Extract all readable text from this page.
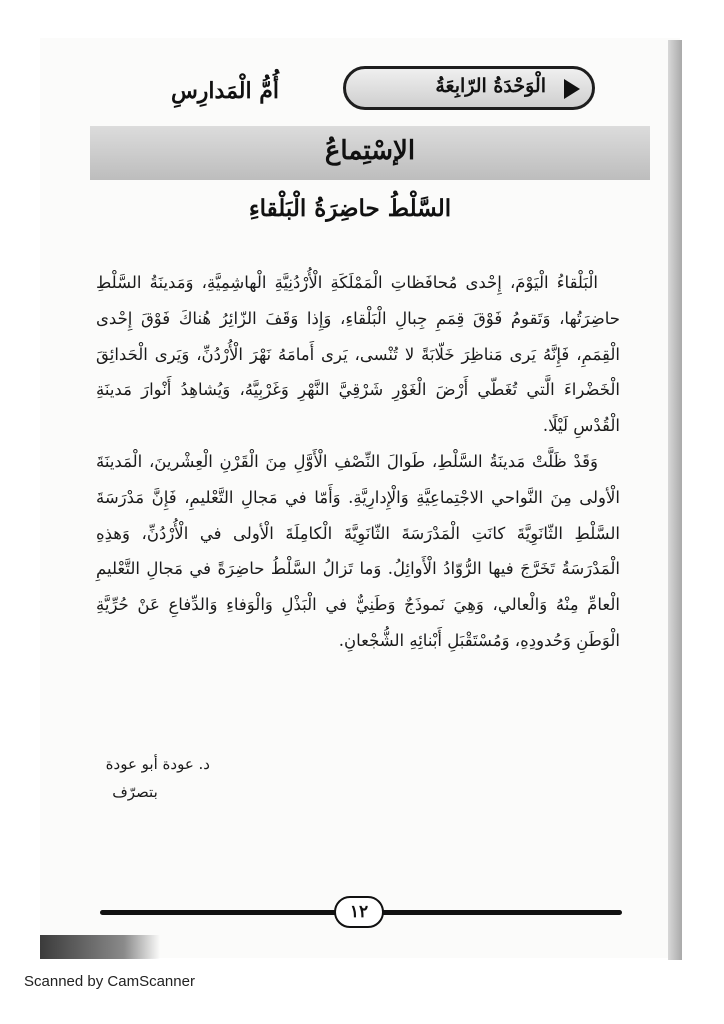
الْوَحْدَةُ الرّابِعَةُ
أُمُّ الْمَدارِسِ
الإسْتِماعُ
السَّلْطُ حاضِرَةُ الْبَلْقاءِ

الْبَلْقاءُ الْيَوْمَ، إِحْدى مُحافَظاتِ الْمَمْلَكَةِ الْأُرْدُنِيَّةِ الْهاشِمِيَّةِ، وَمَدينَةُ السَّلْطِ حاضِرَتُها، وَتَقومُ فَوْقَ قِمَمِ جِبالِ الْبَلْقاءِ، وَإِذا وَقَفَ الزّائِرُ هُناكَ فَوْقَ إِحْدى الْقِمَمِ، فَإِنَّهُ يَرى مَناظِرَ خَلّابَةً لا تُنْسى، يَرى أَمامَهُ نَهْرَ الْأُرْدُنِّ، وَيَرى الْحَدائِقَ الْخَضْراءَ الَّتي تُغَطّي أَرْضَ الْغَوْرِ شَرْقِيَّ النَّهْرِ وَغَرْبِيَّهُ، وَيُشاهِدُ أَنْوارَ مَدينَةِ الْقُدْسِ لَيْلًا.

وَقَدْ ظَلَّتْ مَدينَةُ السَّلْطِ، طَوالَ النِّصْفِ الْأَوَّلِ مِنَ الْقَرْنِ الْعِشْرينَ، الْمَدينَةَ الْأولى مِنَ النَّواحي الاجْتِماعِيَّةِ وَالْإِدارِيَّةِ. وَأَمّا في مَجالِ التَّعْليمِ، فَإِنَّ مَدْرَسَةَ السَّلْطِ الثّانَوِيَّةَ كانَتِ الْمَدْرَسَةَ الثّانَوِيَّةَ الْكامِلَةَ الْأولى في الْأُرْدُنِّ، وَهذِهِ الْمَدْرَسَةُ تَخَرَّجَ فيها الرُّوّادُ الْأَوائِلُ. وَما تَزالُ السَّلْطُ حاضِرَةً في مَجالِ التَّعْليمِ الْعامِّ مِنْهُ وَالْعالي، وَهِيَ نَموذَجٌ وَطَنِيٌّ في الْبَذْلِ وَالْوَفاءِ وَالدِّفاعِ عَنْ حُرِّيَّةِ الْوَطَنِ وَحُدودِهِ، وَمُسْتَقْبَلِ أَبْنائِهِ الشُّجْعانِ.

د. عودة أبو عودة
بتصرّف
١٢
Scanned by CamScanner
